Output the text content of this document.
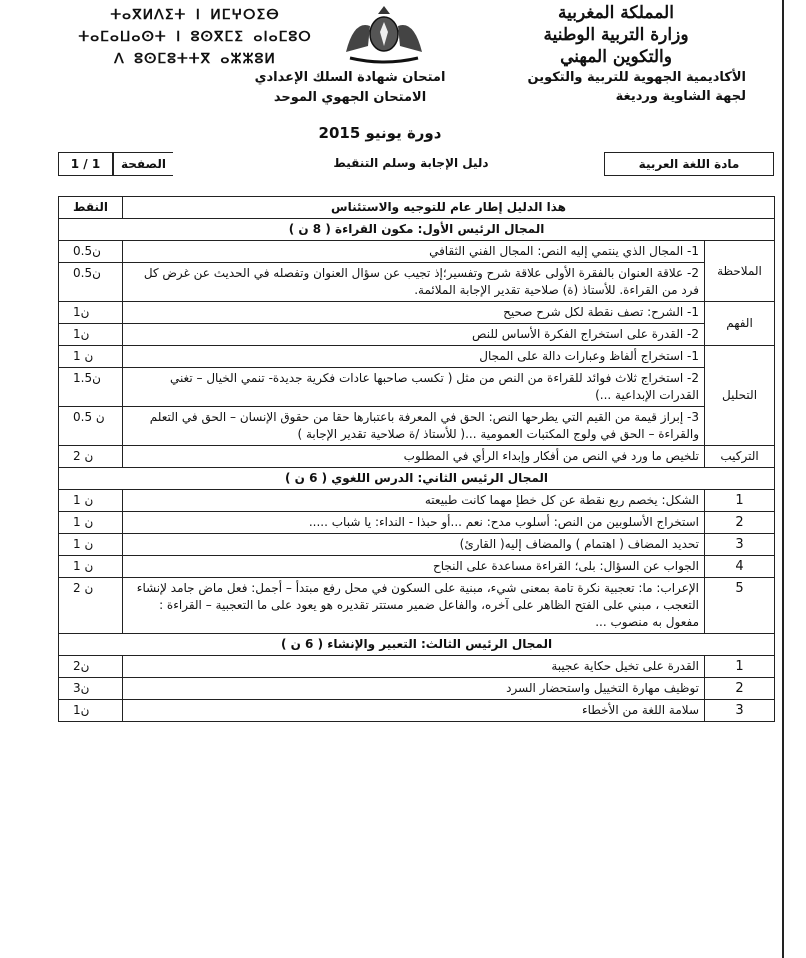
المملكة المغربية
وزارة التربية الوطنية
والتكوين المهني
الأكاديمية الجهوية للتربية والتكوين
لجهة الشاوية ورديغة
ⵜⴰⴳⵍⴷⵉⵜ ⵏ ⵍⵎⵖⵔⵉⴱ
ⵜⴰⵎⴰⵡⴰⵙⵜ ⵏ ⵓⵙⴳⵎⵉ ⴰⵏⴰⵎⵓⵔ
ⴷ ⵓⵙⵎⵓⵜⵜⴳ ⴰⵣⵣⵓⵍ
امتحان شهادة السلك الإعدادي
الامتحان الجهوي الموحد
دورة يونيو 2015
مادة اللغة العربية
دليل الإجابة وسلم التنقيط
الصفحة
1 / 1
هذا الدليل إطار عام للتوجيه والاستئناس		النقط
المجال الرئيس الأول: مكون القراءة ( 8 ن )		
الملاحظة	1- المجال الذي ينتمي إليه النص: المجال الفني الثقافي	0.5ن
	2- علاقة العنوان بالفقرة الأولى علاقة شرح وتفسير؛إذ تجيب عن سؤال العنوان وتفصله في الحديث عن غرض كل فرد من القراءة. للأستاذ (ة) صلاحية تقدير الإجابة الملائمة.	0.5ن
الفهم	1- الشرح: تصف نقطة لكل شرح صحيح	1ن
	2- القدرة على استخراج الفكرة الأساس للنص	1ن
التحليل	1- استخراج ألفاظ وعبارات دالة على المجال	1 ن
	2- استخراج ثلاث فوائد للقراءة من النص من مثل ( تكسب صاحبها عادات فكرية جديدة- تنمي الخيال – تغني القدرات الإبداعية ...)	1.5ن
	3- إبراز قيمة من القيم التي يطرحها النص: الحق في المعرفة باعتبارها حقا من حقوق الإنسان – الحق في التعلم والقراءة – الحق في ولوج المكتبات العمومية ...( للأستاذ /ة صلاحية تقدير الإجابة )	0.5 ن
التركيب	تلخيص ما ورد في النص من أفكار وإبداء الرأي في المطلوب	2 ن
المجال الرئيس الثاني: الدرس اللغوي ( 6 ن )		
1	الشكل: يخصم ربع نقطة عن كل خطإ مهما كانت طبيعته	1 ن
2	استخراج الأسلوبين من النص: أسلوب مدح: نعم ...أو حبذا - النداء: يا شباب .....	1 ن
3	تحديد المضاف ( اهتمام ) والمضاف إليه( القارئ)	1 ن
4	الجواب عن السؤال: بلى؛ القراءة مساعدة على النجاح	1 ن
5	الإعراب: ما: تعجبية نكرة تامة بمعنى شيء، مبنية على السكون في محل رفع مبتدأ – أجمل: فعل ماض جامد لإنشاء التعجب ، مبني على الفتح الظاهر على آخره، والفاعل ضمير مستتر تقديره هو يعود على ما التعجبية – القراءة : مفعول به منصوب ...	2 ن
المجال الرئيس الثالث: التعبير والإنشاء ( 6 ن )		
1	القدرة على تخيل حكاية عجيبة	2ن
2	توظيف مهارة التخييل واستحضار السرد	3ن
3	سلامة اللغة من الأخطاء	1ن
